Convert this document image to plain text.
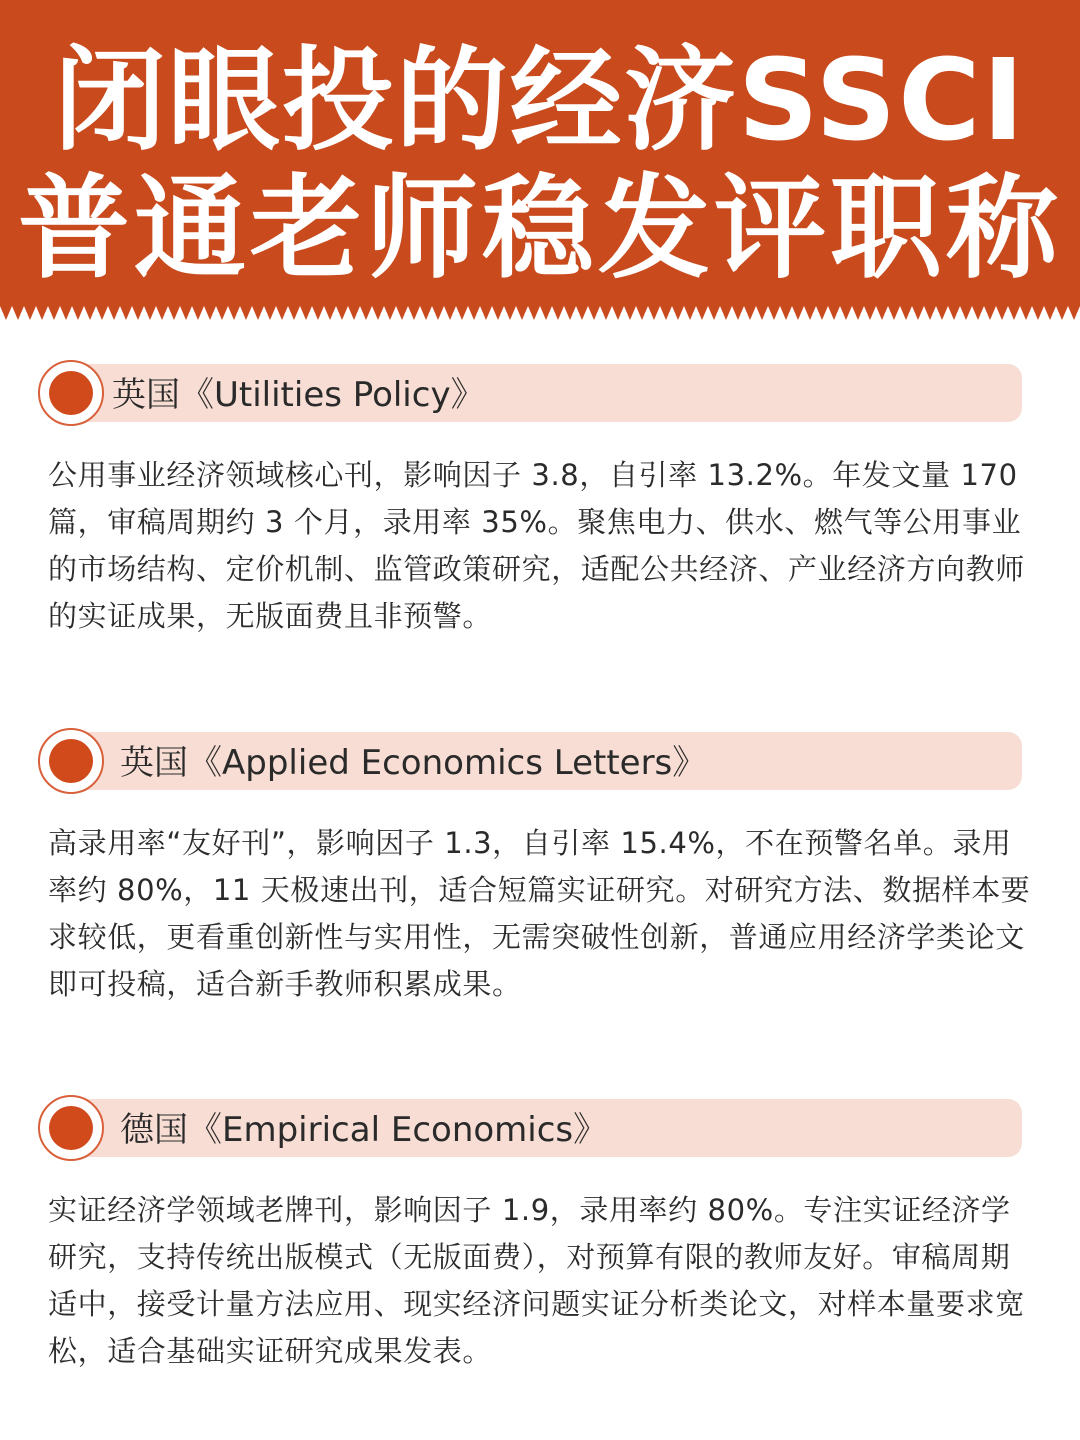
闭眼投的经济SSCI
普通老师稳发评职称
英国《Utilities Policy》
公用事业经济领域核心刊，影响因子 3.8，自引率 13.2%。年发文量 170 篇，审稿周期约 3 个月，录用率 35%。聚焦电力、供水、燃气等公用事业的市场结构、定价机制、监管政策研究，适配公共经济、产业经济方向教师的实证成果，无版面费且非预警。
英国《Applied Economics Letters》
高录用率“友好刊”，影响因子 1.3，自引率 15.4%，不在预警名单。录用率约 80%，11 天极速出刊，适合短篇实证研究。对研究方法、数据样本要求较低，更看重创新性与实用性，无需突破性创新，普通应用经济学类论文即可投稿，适合新手教师积累成果。
德国《Empirical Economics》
实证经济学领域老牌刊，影响因子 1.9，录用率约 80%。专注实证经济学研究，支持传统出版模式（无版面费），对预算有限的教师友好。审稿周期适中，接受计量方法应用、现实经济问题实证分析类论文，对样本量要求宽松，适合基础实证研究成果发表。
